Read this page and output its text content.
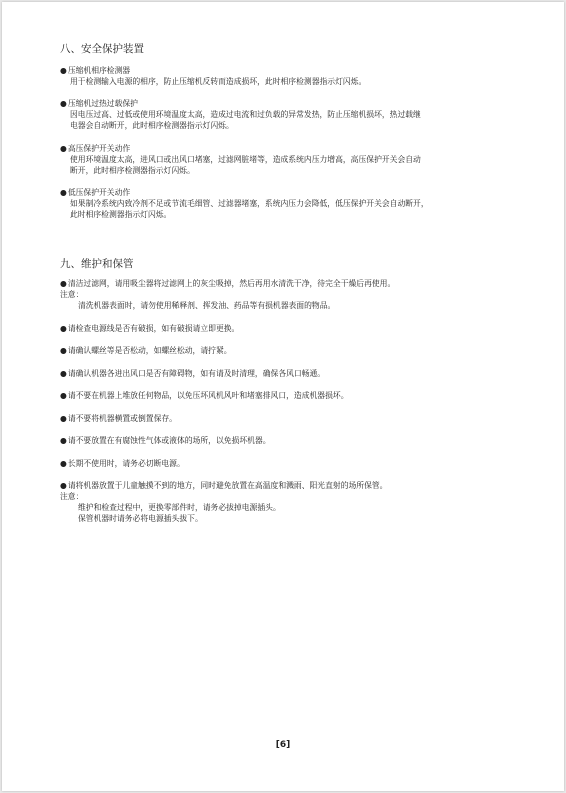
八、安全保护装置
●压缩机相序检测器
用于检测输入电源的相序，防止压缩机反转而造成损坏，此时相序检测器指示灯闪烁。
●压缩机过热过载保护
因电压过高、过低或使用环境温度太高，造成过电流和过负载的异常发热，防止压缩机损坏，热过载继
电器会自动断开，此时相序检测器指示灯闪烁。
●高压保护开关动作
使用环境温度太高，进风口或出风口堵塞，过滤网脏堵等，造成系统内压力增高，高压保护开关会自动
断开，此时相序检测器指示灯闪烁。
●低压保护开关动作
如果制冷系统内致冷剂不足或节流毛细管、过滤器堵塞，系统内压力会降低，低压保护开关会自动断开，
此时相序检测器指示灯闪烁。
九、维护和保管
●清洁过滤网，请用吸尘器将过滤网上的灰尘吸掉，然后再用水清洗干净，待完全干燥后再使用。
注意：
清洗机器表面时，请勿使用稀释剂、挥发油、药品等有损机器表面的物品。
●请检查电源线是否有破损，如有破损请立即更换。
●请确认螺丝等是否松动，如螺丝松动，请拧紧。
●请确认机器各进出风口是否有障碍物，如有请及时清理，确保各风口畅通。
●请不要在机器上堆放任何物品，以免压坏风机风叶和堵塞排风口，造成机器损坏。
●请不要将机器横置或倒置保存。
●请不要放置在有腐蚀性气体或液体的场所，以免损坏机器。
●长期不使用时，请务必切断电源。
●请将机器放置于儿童触摸不到的地方，同时避免放置在高温度和溅雨、阳光直射的场所保管。
注意：
维护和检查过程中，更换零部件时，请务必拔掉电源插头。
保管机器时请务必将电源插头拔下。
[6]
